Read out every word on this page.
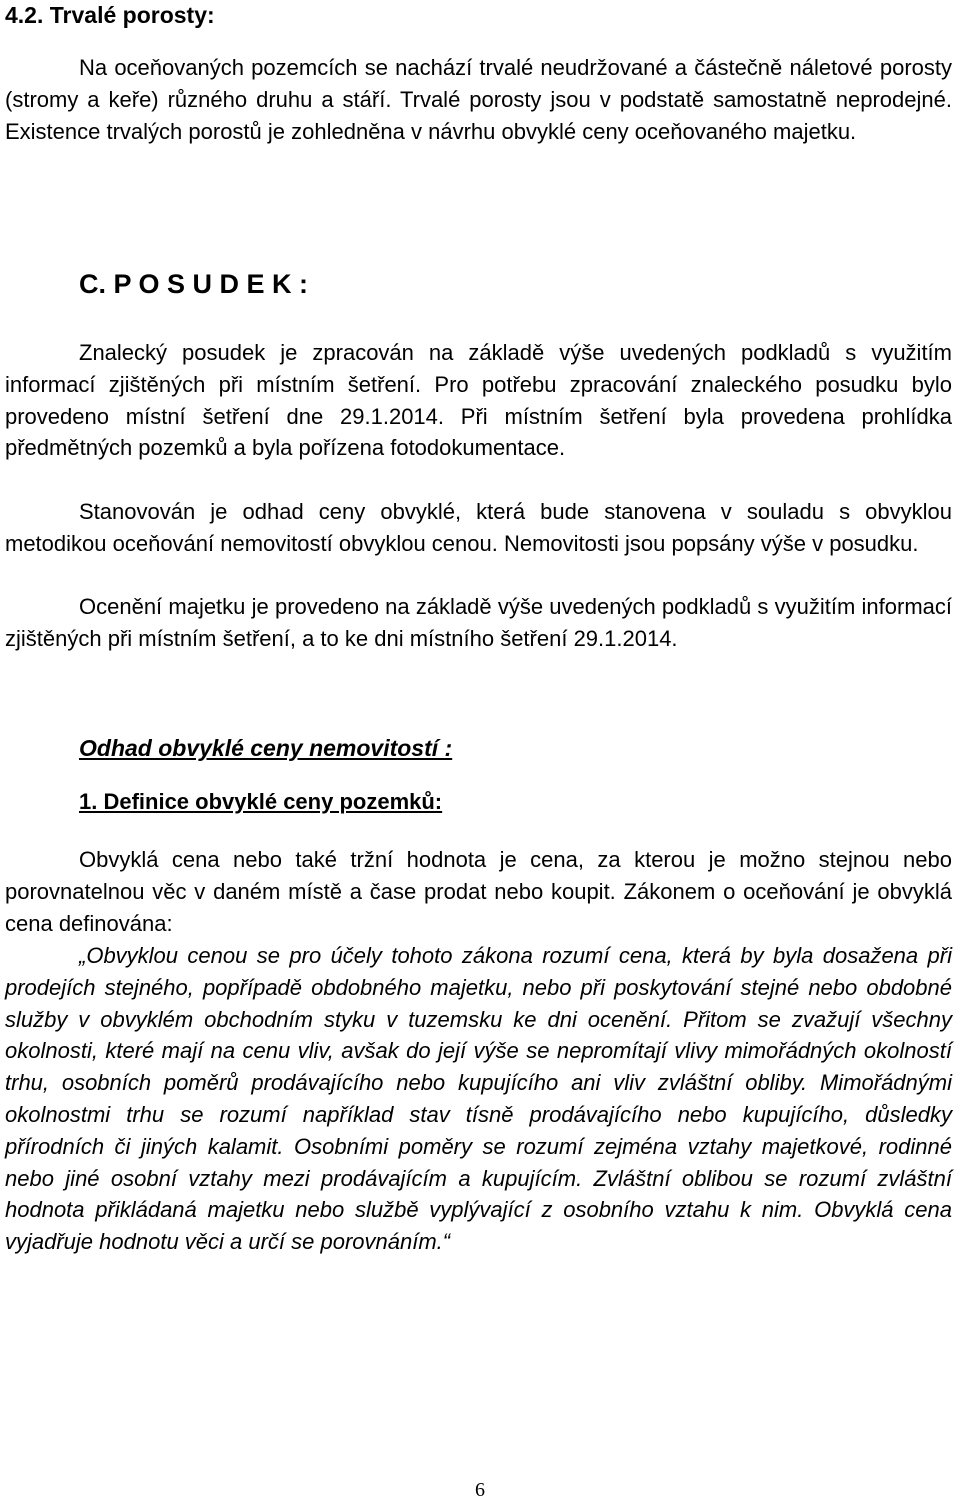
4.2. Trvalé porosty:

Na oceňovaných pozemcích se nachází trvalé neudržované a částečně náletové porosty (stromy a keře) různého druhu a stáří. Trvalé porosty jsou v podstatě samostatně neprodejné. Existence trvalých porostů je zohledněna v návrhu obvyklé ceny oceňovaného majetku.

C. P O S U D E K :

Znalecký posudek je zpracován na základě výše uvedených podkladů s využitím informací zjištěných při místním šetření. Pro potřebu zpracování znaleckého posudku bylo provedeno místní šetření dne 29.1.2014. Při místním šetření byla provedena prohlídka předmětných pozemků a byla pořízena fotodokumentace.

Stanovován je odhad ceny obvyklé, která bude stanovena v souladu s obvyklou metodikou oceňování nemovitostí obvyklou cenou. Nemovitosti jsou popsány výše v posudku.

Ocenění majetku je provedeno na základě výše uvedených podkladů s využitím informací zjištěných při místním šetření, a to ke dni místního šetření 29.1.2014.

Odhad obvyklé ceny nemovitostí :
1. Definice obvyklé ceny pozemků:

Obvyklá cena nebo také tržní hodnota je cena, za kterou je možno stejnou nebo porovnatelnou věc v daném místě a čase prodat nebo koupit. Zákonem o oceňování je obvyklá cena definována:

„Obvyklou cenou se pro účely tohoto zákona rozumí cena, která by byla dosažena při prodejích stejného, popřípadě obdobného majetku, nebo při poskytování stejné nebo obdobné služby v obvyklém obchodním styku v tuzemsku ke dni ocenění. Přitom se zvažují všechny okolnosti, které mají na cenu vliv, avšak do její výše se nepromítají vlivy mimořádných okolností trhu, osobních poměrů prodávajícího nebo kupujícího ani vliv zvláštní obliby. Mimořádnými okolnostmi trhu se rozumí například stav tísně prodávajícího nebo kupujícího, důsledky přírodních či jiných kalamit. Osobními poměry se rozumí zejména vztahy majetkové, rodinné nebo jiné osobní vztahy mezi prodávajícím a kupujícím. Zvláštní oblibou se rozumí zvláštní hodnota přikládaná majetku nebo službě vyplývající z osobního vztahu k nim. Obvyklá cena vyjadřuje hodnotu věci a určí se porovnáním.“

6
